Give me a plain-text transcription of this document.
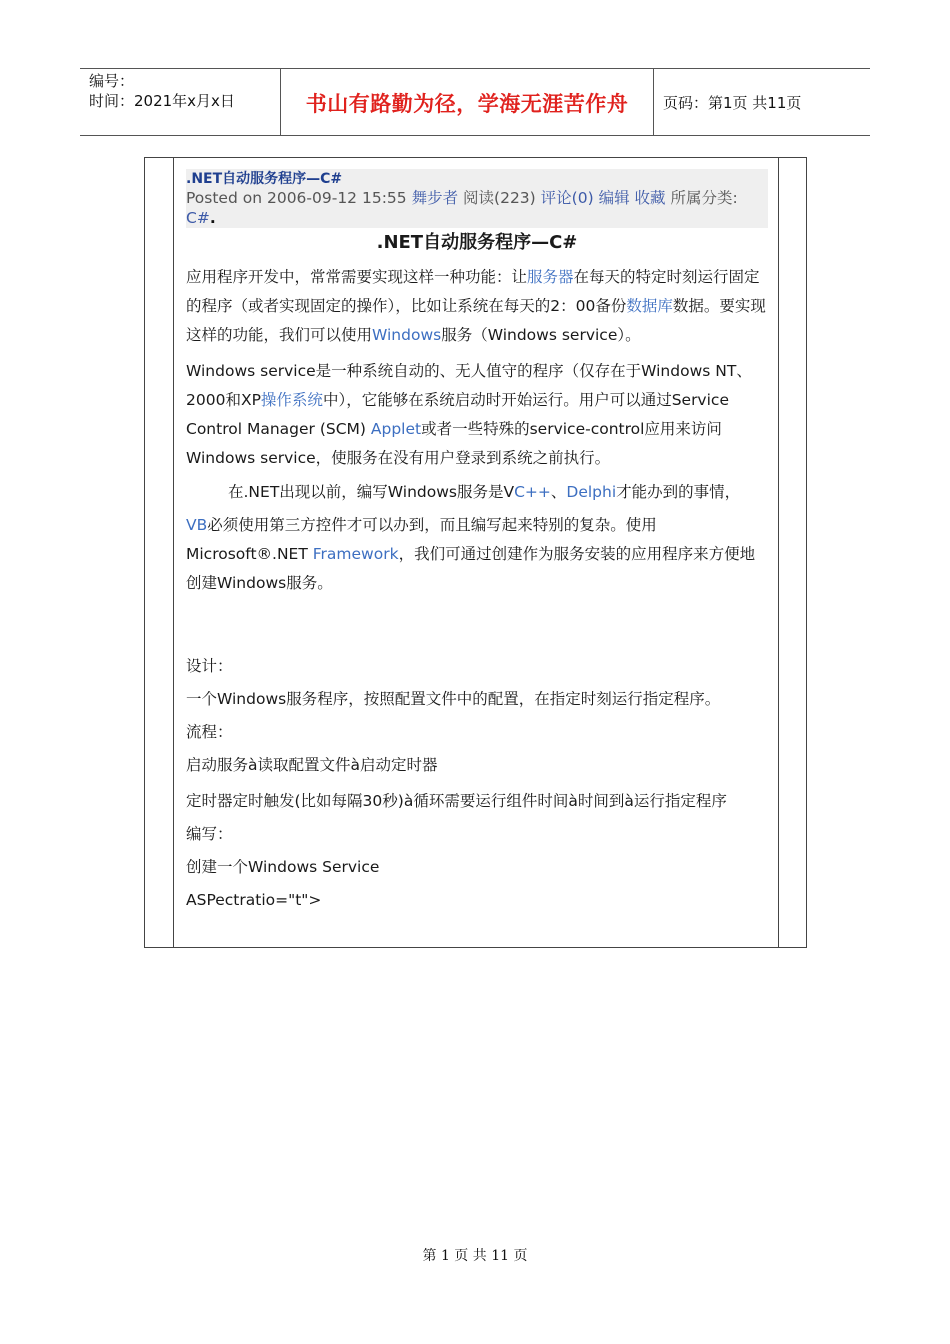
编号：
时间：2021年x月x日	书山有路勤为径，学海无涯苦作舟	页码：第1页 共11页
.NET自动服务程序—C#
Posted on 2006-09-12 15:55 舞步者 阅读(223) 评论(0) 编辑 收藏 所属分类: C#.
.NET自动服务程序—C#

应用程序开发中，常常需要实现这样一种功能：让服务器在每天的特定时刻运行固定的程序（或者实现固定的操作），比如让系统在每天的2：00备份数据库数据。要实现这样的功能，我们可以使用Windows服务（Windows service）。

Windows service是一种系统自动的、无人值守的程序（仅存在于Windows NT、2000和XP操作系统中），它能够在系统启动时开始运行。用户可以通过Service Control Manager (SCM) Applet或者一些特殊的service-control应用来访问Windows service，使服务在没有用户登录到系统之前执行。

在.NET出现以前，编写Windows服务是VC++、Delphi才能办到的事情，

VB必须使用第三方控件才可以办到，而且编写起来特别的复杂。使用Microsoft®.NET Framework，我们可通过创建作为服务安装的应用程序来方便地创建Windows服务。

设计：

一个Windows服务程序，按照配置文件中的配置，在指定时刻运行指定程序。

流程：

启动服务à读取配置文件à启动定时器

定时器定时触发(比如每隔30秒)à循环需要运行组件时间à时间到à运行指定程序

编写：

创建一个Windows Service

ASPectratio="t">

第 1 页 共 11 页
